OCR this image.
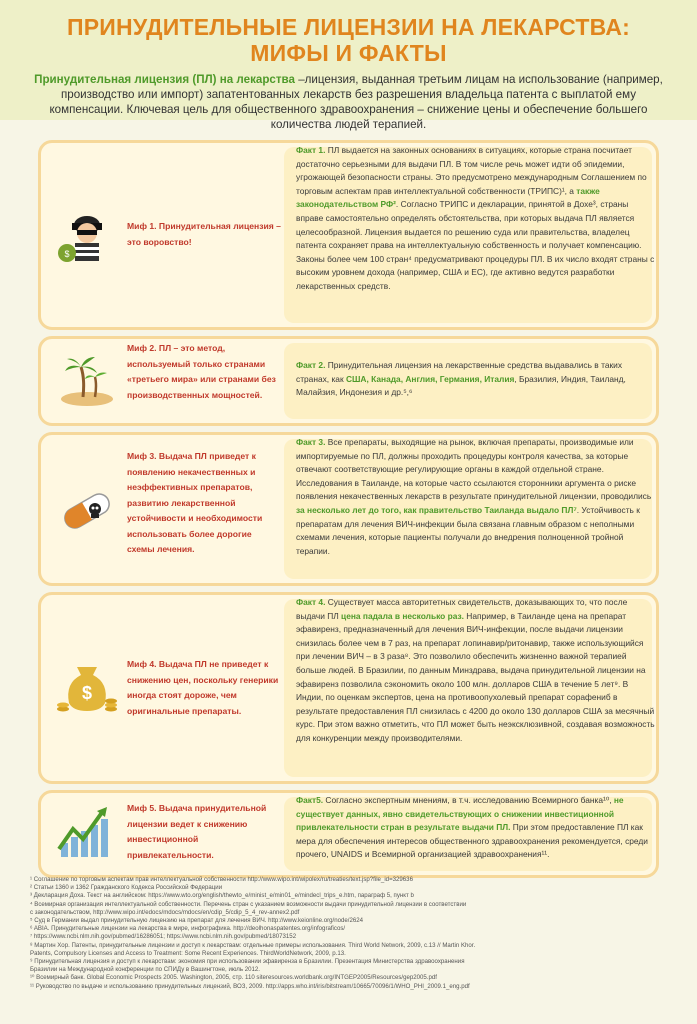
ПРИНУДИТЕЛЬНЫЕ ЛИЦЕНЗИИ НА ЛЕКАРСТВА:
МИФЫ И ФАКТЫ
Принудительная лицензия (ПЛ) на лекарства –лицензия, выданная третьим лицам на использование (например, производство или импорт) запатентованных лекарств без разрешения владельца патента с выплатой ему компенсации. Ключевая цель для общественного здравоохранения – снижение цены и обеспечение большего количества людей терапией.
$
Миф 1. Принудительная лицензия – это воровство!
Факт 1. ПЛ выдается на законных основаниях в ситуациях, которые страна посчитает достаточно серьезными для выдачи ПЛ. В том числе речь может идти об эпидемии, угрожающей безопасности страны. Это предусмотрено международным Соглашением по торговым аспектам прав интеллектуальной собственности (ТРИПС)¹, а также законодательством РФ². Согласно ТРИПС и декларации, принятой в Дохе³, страны вправе самостоятельно определять обстоятельства, при которых выдача ПЛ является целесообразной. Лицензия выдается по решению суда или правительства, владелец патента сохраняет права на интеллектуальную собственность и получает компенсацию. Законы более чем 100 стран⁴ предусматривают процедуры ПЛ. В их число входят страны с высоким уровнем дохода (например, США и ЕС), где активно ведутся разработки лекарственных средств.
Миф 2. ПЛ – это метод, используемый только странами «третьего мира» или странами без производственных мощностей.
Факт 2. Принудительная лицензия на лекарственные средства выдавались в таких странах, как США, Канада, Англия, Германия, Италия, Бразилия, Индия, Таиланд, Малайзия, Индонезия и др.⁵,⁶
Миф 3. Выдача ПЛ приведет к появлению некачественных и неэффективных препаратов, развитию лекарственной устойчивости и необходимости использовать более дорогие схемы лечения.
Факт 3. Все препараты, выходящие на рынок, включая препараты, производимые или импортируемые по ПЛ, должны проходить процедуры контроля качества, за которые отвечают соответствующие регулирующие органы в каждой отдельной стране. Исследования в Таиланде, на которые часто ссылаются сторонники аргумента о риске появления некачественных лекарств в результате принудительной лицензии, проводились за несколько лет до того, как правительство Таиланда выдало ПЛ⁷. Устойчивость к препаратам для лечения ВИЧ-инфекции была связана главным образом с неполными схемами лечения, которые пациенты получали до внедрения полноценной тройной терапии.
$
Миф 4. Выдача ПЛ не приведет к снижению цен, поскольку генерики иногда стоят дороже, чем оригинальные препараты.
Факт 4. Существует масса авторитетных свидетельств, доказывающих то, что после выдачи ПЛ цена падала в несколько раз. Например, в Таиланде цена на препарат эфавиренз, предназначенный для лечения ВИЧ-инфекции, после выдачи лицензии снизилась более чем в 7 раз, на препарат лопинавир/ритонавир, также использующийся при лечении ВИЧ – в 3 раза⁸. Это позволило обеспечить жизненно важной терапией больше людей. В Бразилии, по данным Минздрава, выдача принудительной лицензии на эфавиренз позволила сэкономить около 100 млн. долларов США в течение 5 лет⁹. В Индии, по оценкам экспертов, цена на противоопухолевый препарат сорафениб в результате предоставления ПЛ снизилась с 4200 до около 130 долларов США за месячный курс. При этом важно отметить, что ПЛ может быть неэксклюзивной, создавая возможность для конкуренции между производителями.
Миф 5. Выдача принудительной лицензии ведет к снижению инвестиционной привлекательности.
Факт5. Согласно экспертным мнениям, в т.ч. исследованию Всемирного банка¹⁰, не существует данных, явно свидетельствующих о снижении инвестиционной привлекательности стран в результате выдачи ПЛ. При этом предоставление ПЛ как мера для обеспечения интересов общественного здравоохранения рекомендуется, среди прочего, UNAIDS и Всемирной организацией здравоохранения¹¹.
¹ Соглашение по торговым аспектам прав интеллектуальной собственности http://www.wipo.int/wipolex/ru/treaties/text.jsp?file_id=329636
² Статьи 1360 и 1362 Гражданского Кодекса Российской Федерации
³ Декларация Доха. Текст на английском: https://www.wto.org/english/thewto_e/minist_e/min01_e/mindecl_trips_e.htm, параграф 5, пункт b
⁴ Всемирная организация интеллектуальной собственности. Перечень стран с указанием возможности выдачи принудительной лицензии в соответствии
с законодательством, http://www.wipo.int/edocs/mdocs/mdocs/en/cdip_5/cdip_5_4_rev-annex2.pdf
⁵ Суд в Германии выдал принудительную лицензию на препарат для лечения ВИЧ. http://www.keionline.org/node/2624
⁶ ABIA. Принудительные лицензии на лекарства в мире, инфографика. http://deolhonaspatentes.org/infograficos/
⁷ https://www.ncbi.nlm.nih.gov/pubmed/16286051; https://www.ncbi.nlm.nih.gov/pubmed/18073152
⁸ Мартин Хор. Патенты, принудительные лицензии и доступ к лекарствам: отдельные примеры использования. Third World Network, 2009, с.13 // Martin Khor.
Patents, Compulsory Licenses and Access to Treatment: Some Recent Experiences. ThirdWorldNetwork, 2009, p.13.
⁹ Принудительная лицензия и доступ к лекарствам: экономия при использовании эфавиренза в Бразилии. Презентация Министерства здравоохранения
Бразилии на Международной конференции по СПИДу в Вашингтоне, июль 2012.
¹⁰ Всемирный банк. Global Economic Prospects 2005. Washington, 2005, стр. 110 siteresources.worldbank.org/INTGEP2005/Resources/gep2005.pdf
¹¹ Руководство по выдаче и использованию принудительных лицензий, ВОЗ, 2009. http://apps.who.int/iris/bitstream/10665/70096/1/WHO_PHI_2009.1_eng.pdf
